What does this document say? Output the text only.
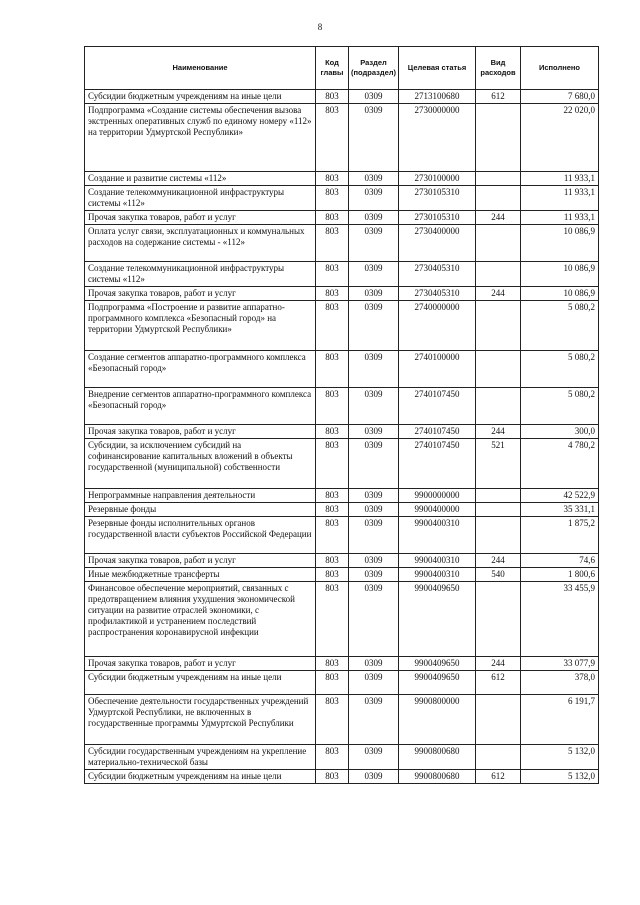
8
Наименование	Код главы	Раздел (подраздел)	Целевая статья	Вид расходов	Исполнено
Субсидии бюджетным учреждениям на иные цели	803	0309	2713100680	612	7 680,0
Подпрограмма «Создание системы обеспечения вызова экстренных оперативных служб по единому номеру «112» на территории Удмуртской Республики»	803	0309	2730000000		22 020,0
Создание и развитие системы «112»	803	0309	2730100000		11 933,1
Создание телекоммуникационной инфраструктуры системы «112»	803	0309	2730105310		11 933,1
Прочая закупка товаров, работ и услуг	803	0309	2730105310	244	11 933,1
Оплата услуг связи, эксплуатационных и коммунальных расходов на содержание системы - «112»	803	0309	2730400000		10 086,9
Создание телекоммуникационной инфраструктуры системы «112»	803	0309	2730405310		10 086,9
Прочая закупка товаров, работ и услуг	803	0309	2730405310	244	10 086,9
Подпрограмма «Построение и развитие аппаратно-программного комплекса «Безопасный город» на территории Удмуртской Республики»	803	0309	2740000000		5 080,2
Создание сегментов аппаратно-программного комплекса «Безопасный город»	803	0309	2740100000		5 080,2
Внедрение сегментов аппаратно-программного комплекса «Безопасный город»	803	0309	2740107450		5 080,2
Прочая закупка товаров, работ и услуг	803	0309	2740107450	244	300,0
Субсидии, за исключением субсидий на софинансирование капитальных вложений в объекты государственной (муниципальной) собственности	803	0309	2740107450	521	4 780,2
Непрограммные направления деятельности	803	0309	9900000000		42 522,9
Резервные фонды	803	0309	9900400000		35 331,1
Резервные фонды исполнительных органов государственной власти субъектов Российской Федерации	803	0309	9900400310		1 875,2
Прочая закупка товаров, работ и услуг	803	0309	9900400310	244	74,6
Иные межбюджетные трансферты	803	0309	9900400310	540	1 800,6
Финансовое обеспечение мероприятий, связанных с предотвращением влияния ухудшения экономической ситуации на развитие отраслей экономики, с профилактикой и устранением последствий распространения коронавирусной инфекции	803	0309	9900409650		33 455,9
Прочая закупка товаров, работ и услуг	803	0309	9900409650	244	33 077,9
Субсидии бюджетным учреждениям на иные цели	803	0309	9900409650	612	378,0
Обеспечение деятельности государственных учреждений Удмуртской Республики, не включенных в государственные программы Удмуртской Республики	803	0309	9900800000		6 191,7
Субсидии государственным учреждениям на укрепление материально-технической базы	803	0309	9900800680		5 132,0
Субсидии бюджетным учреждениям на иные цели	803	0309	9900800680	612	5 132,0
